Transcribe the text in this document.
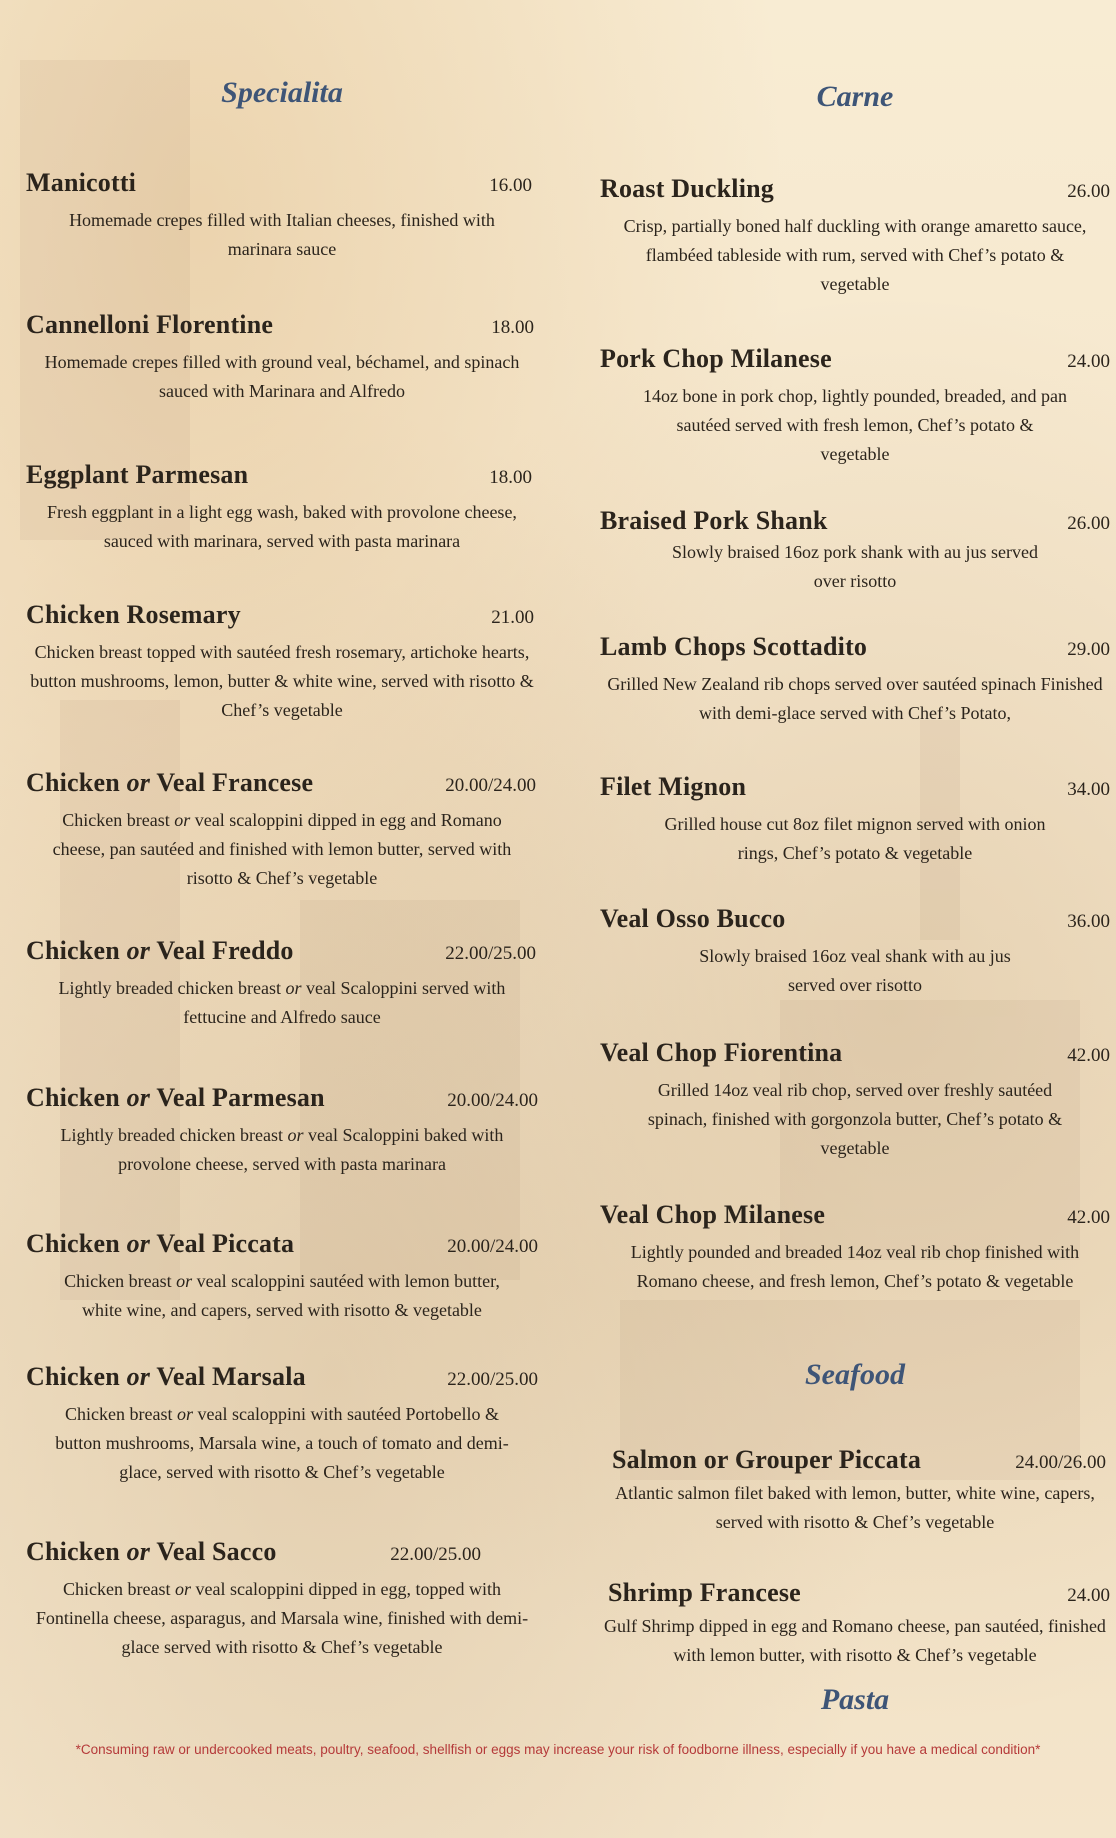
Specialita
Manicotti	16.00
Homemade crepes filled with Italian cheeses, finished with marinara sauce
Cannelloni Florentine	18.00
Homemade crepes filled with ground veal, béchamel, and spinach sauced with Marinara and Alfredo
Eggplant Parmesan	18.00
Fresh eggplant in a light egg wash, baked with provolone cheese, sauced with marinara, served with pasta marinara
Chicken Rosemary	21.00
Chicken breast topped with sautéed fresh rosemary, artichoke hearts, button mushrooms, lemon, butter & white wine, served with risotto & Chef’s vegetable
Chicken or Veal Francese	20.00/24.00
Chicken breast or veal scaloppini dipped in egg and Romano cheese, pan sautéed and finished with lemon butter, served with risotto & Chef’s vegetable
Chicken or Veal Freddo	22.00/25.00
Lightly breaded chicken breast or veal Scaloppini served with fettucine and Alfredo sauce
Chicken or Veal Parmesan	20.00/24.00
Lightly breaded chicken breast or veal Scaloppini baked with provolone cheese, served with pasta marinara
Chicken or Veal Piccata	20.00/24.00
Chicken breast or veal scaloppini sautéed with lemon butter, white wine, and capers, served with risotto & vegetable
Chicken or Veal Marsala	22.00/25.00
Chicken breast or veal scaloppini with sautéed Portobello & button mushrooms, Marsala wine, a touch of tomato and demi-glace, served with risotto & Chef’s vegetable
Chicken or Veal Sacco	22.00/25.00
Chicken breast or veal scaloppini dipped in egg, topped with Fontinella cheese, asparagus, and Marsala wine, finished with demi-glace served with risotto & Chef’s vegetable
Carne
Roast Duckling	26.00
Crisp, partially boned half duckling with orange amaretto sauce, flambéed tableside with rum, served with Chef’s potato & vegetable
Pork Chop Milanese	24.00
14oz bone in pork chop, lightly pounded, breaded, and pan sautéed served with fresh lemon, Chef’s potato & vegetable
Braised Pork Shank	26.00
Slowly braised 16oz pork shank with au jus served over risotto
Lamb Chops Scottadito	29.00
Grilled New Zealand rib chops served over sautéed spinach Finished with demi-glace served with Chef’s Potato,
Filet Mignon	34.00
Grilled house cut 8oz filet mignon served with onion rings, Chef’s potato & vegetable
Veal Osso Bucco	36.00
Slowly braised 16oz veal shank with au jus served over risotto
Veal Chop Fiorentina	42.00
Grilled 14oz veal rib chop, served over freshly sautéed spinach, finished with gorgonzola butter, Chef’s potato & vegetable
Veal Chop Milanese	42.00
Lightly pounded and breaded 14oz veal rib chop finished with Romano cheese, and fresh lemon, Chef’s potato & vegetable
Seafood
Salmon or Grouper Piccata	24.00/26.00
Atlantic salmon filet baked with lemon, butter, white wine, capers, served with risotto & Chef’s vegetable
Shrimp Francese	24.00
Gulf Shrimp dipped in egg and Romano cheese, pan sautéed, finished with lemon butter, with risotto & Chef’s vegetable
Pasta
*Consuming raw or undercooked meats, poultry, seafood, shellfish or eggs may increase your risk of foodborne illness, especially if you have a medical condition*
